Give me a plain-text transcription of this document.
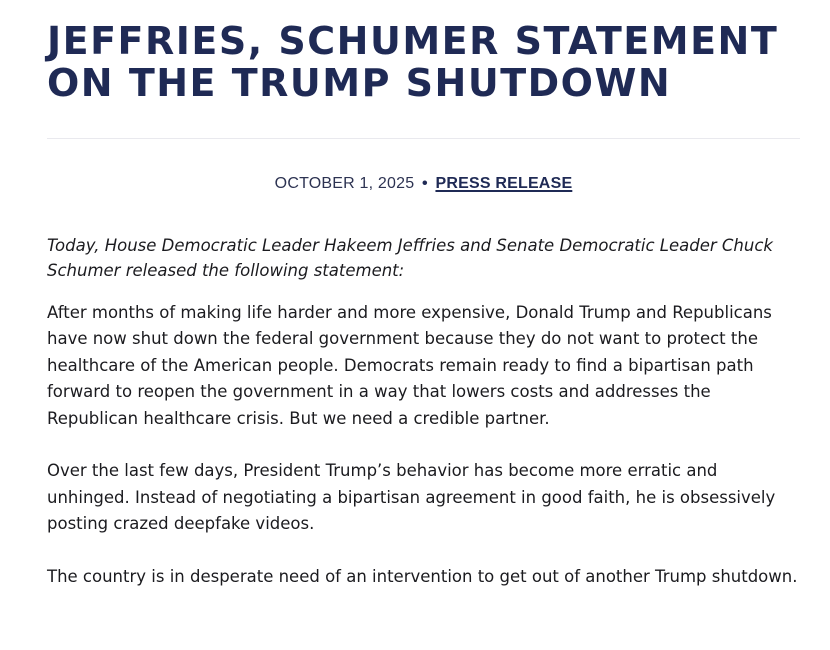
JEFFRIES, SCHUMER STATEMENT
ON THE TRUMP SHUTDOWN
OCTOBER 1, 2025 • PRESS RELEASE

Today, House Democratic Leader Hakeem Jeffries and Senate Democratic Leader Chuck Schumer released the following statement:

After months of making life harder and more expensive, Donald Trump and Republicans have now shut down the federal government because they do not want to protect the healthcare of the American people. Democrats remain ready to find a bipartisan path forward to reopen the government in a way that lowers costs and addresses the Republican healthcare crisis. But we need a credible partner.

Over the last few days, President Trump’s behavior has become more erratic and unhinged. Instead of negotiating a bipartisan agreement in good faith, he is obsessively posting crazed deepfake videos.

The country is in desperate need of an intervention to get out of another Trump shutdown.
